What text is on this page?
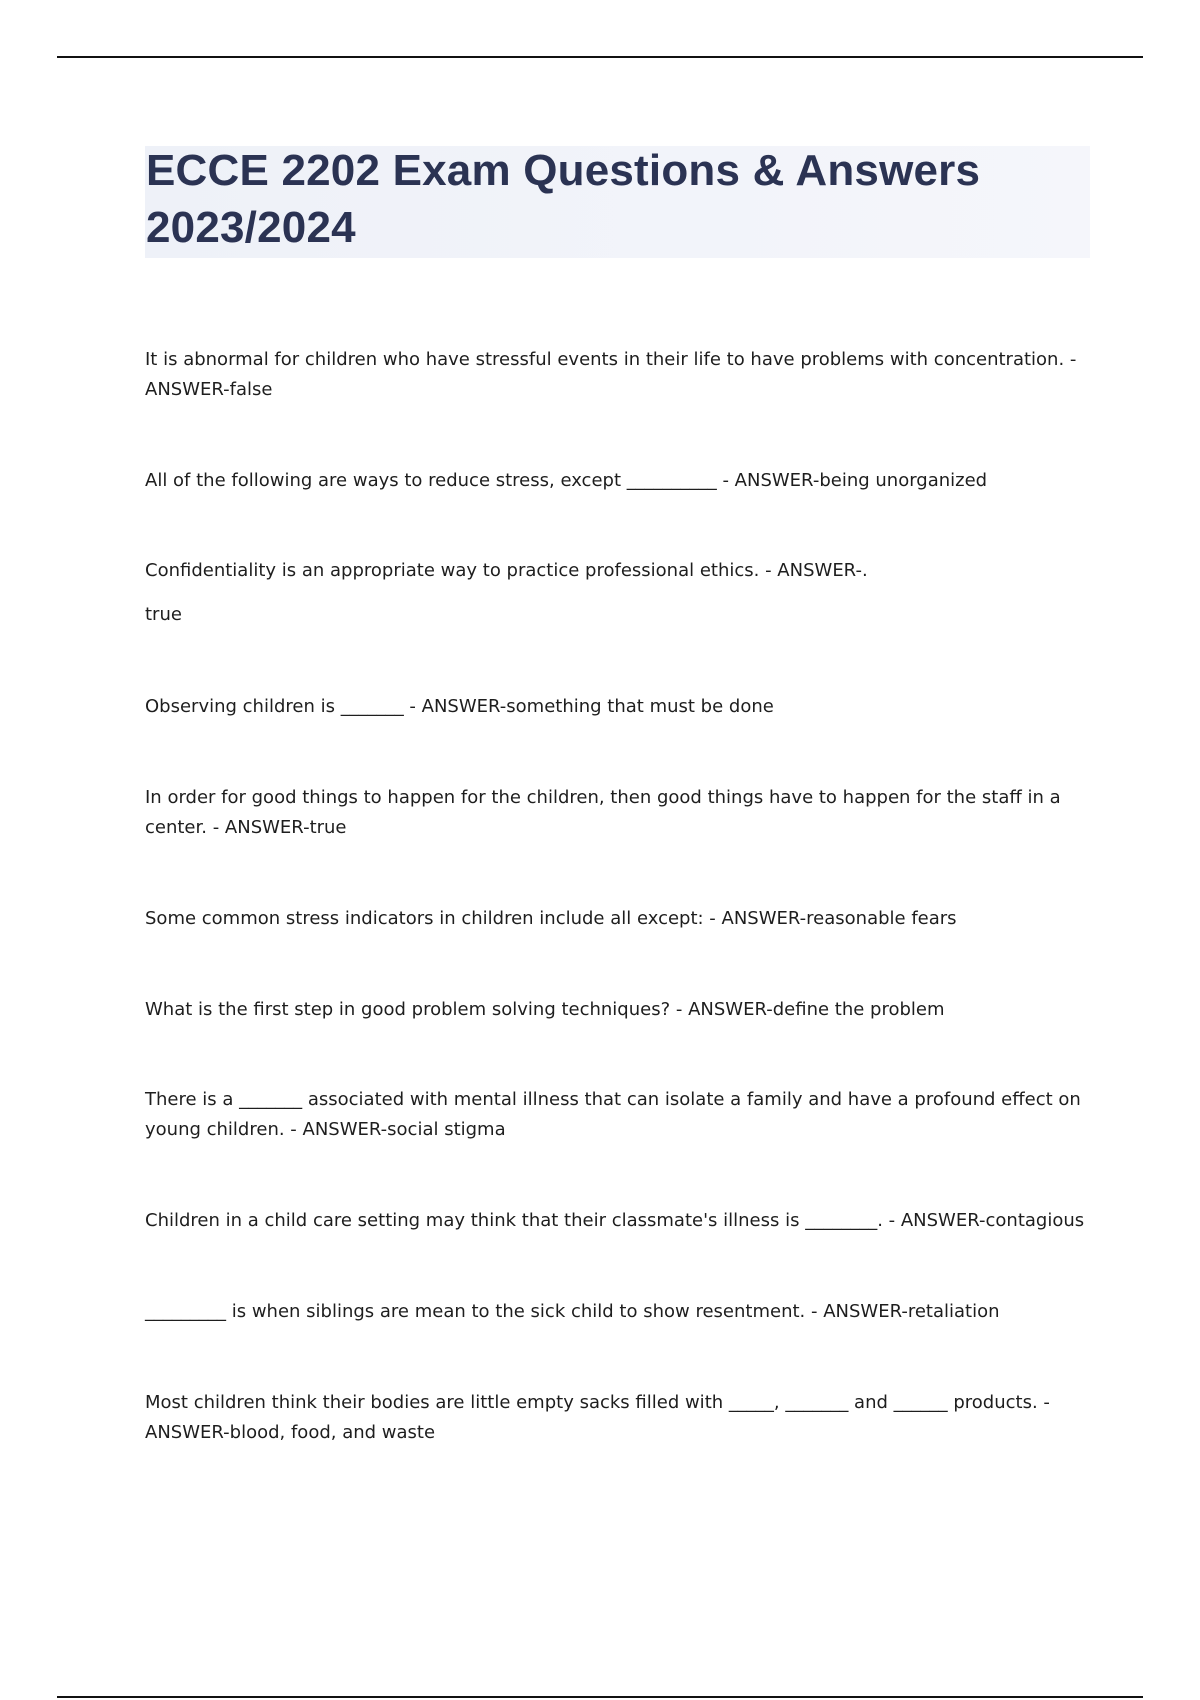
ECCE 2202 Exam Questions & Answers 2023/2024

It is abnormal for children who have stressful events in their life to have problems with concentration. - ANSWER-false

All of the following are ways to reduce stress, except __________ - ANSWER-being unorganized

Confidentiality is an appropriate way to practice professional ethics. - ANSWER-.
true

Observing children is _______ - ANSWER-something that must be done

In order for good things to happen for the children, then good things have to happen for the staff in a center. - ANSWER-true

Some common stress indicators in children include all except: - ANSWER-reasonable fears

What is the first step in good problem solving techniques? - ANSWER-define the problem

There is a _______ associated with mental illness that can isolate a family and have a profound effect on young children. - ANSWER-social stigma

Children in a child care setting may think that their classmate's illness is ________. - ANSWER-contagious

_________ is when siblings are mean to the sick child to show resentment. - ANSWER-retaliation

Most children think their bodies are little empty sacks filled with _____, _______ and ______ products. - ANSWER-blood, food, and waste
